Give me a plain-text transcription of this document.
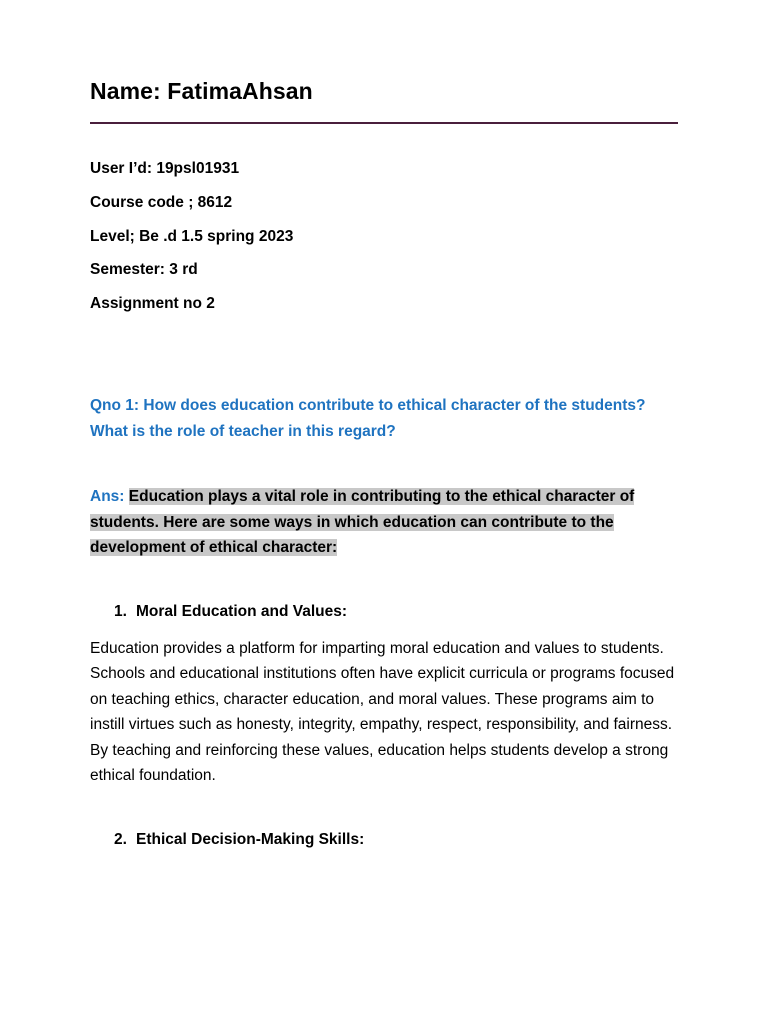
Name: FatimaAhsan
User I’d: 19psl01931
Course code ; 8612
Level; Be .d 1.5 spring 2023
Semester: 3 rd
Assignment no 2
Qno 1: How does education contribute to ethical character of the students? What is the role of teacher in this regard?
Ans: Education plays a vital role in contributing to the ethical character of students. Here are some ways in which education can contribute to the development of ethical character:
1. Moral Education and Values:
Education provides a platform for imparting moral education and values to students. Schools and educational institutions often have explicit curricula or programs focused on teaching ethics, character education, and moral values. These programs aim to instill virtues such as honesty, integrity, empathy, respect, responsibility, and fairness. By teaching and reinforcing these values, education helps students develop a strong ethical foundation.
2. Ethical Decision-Making Skills:
